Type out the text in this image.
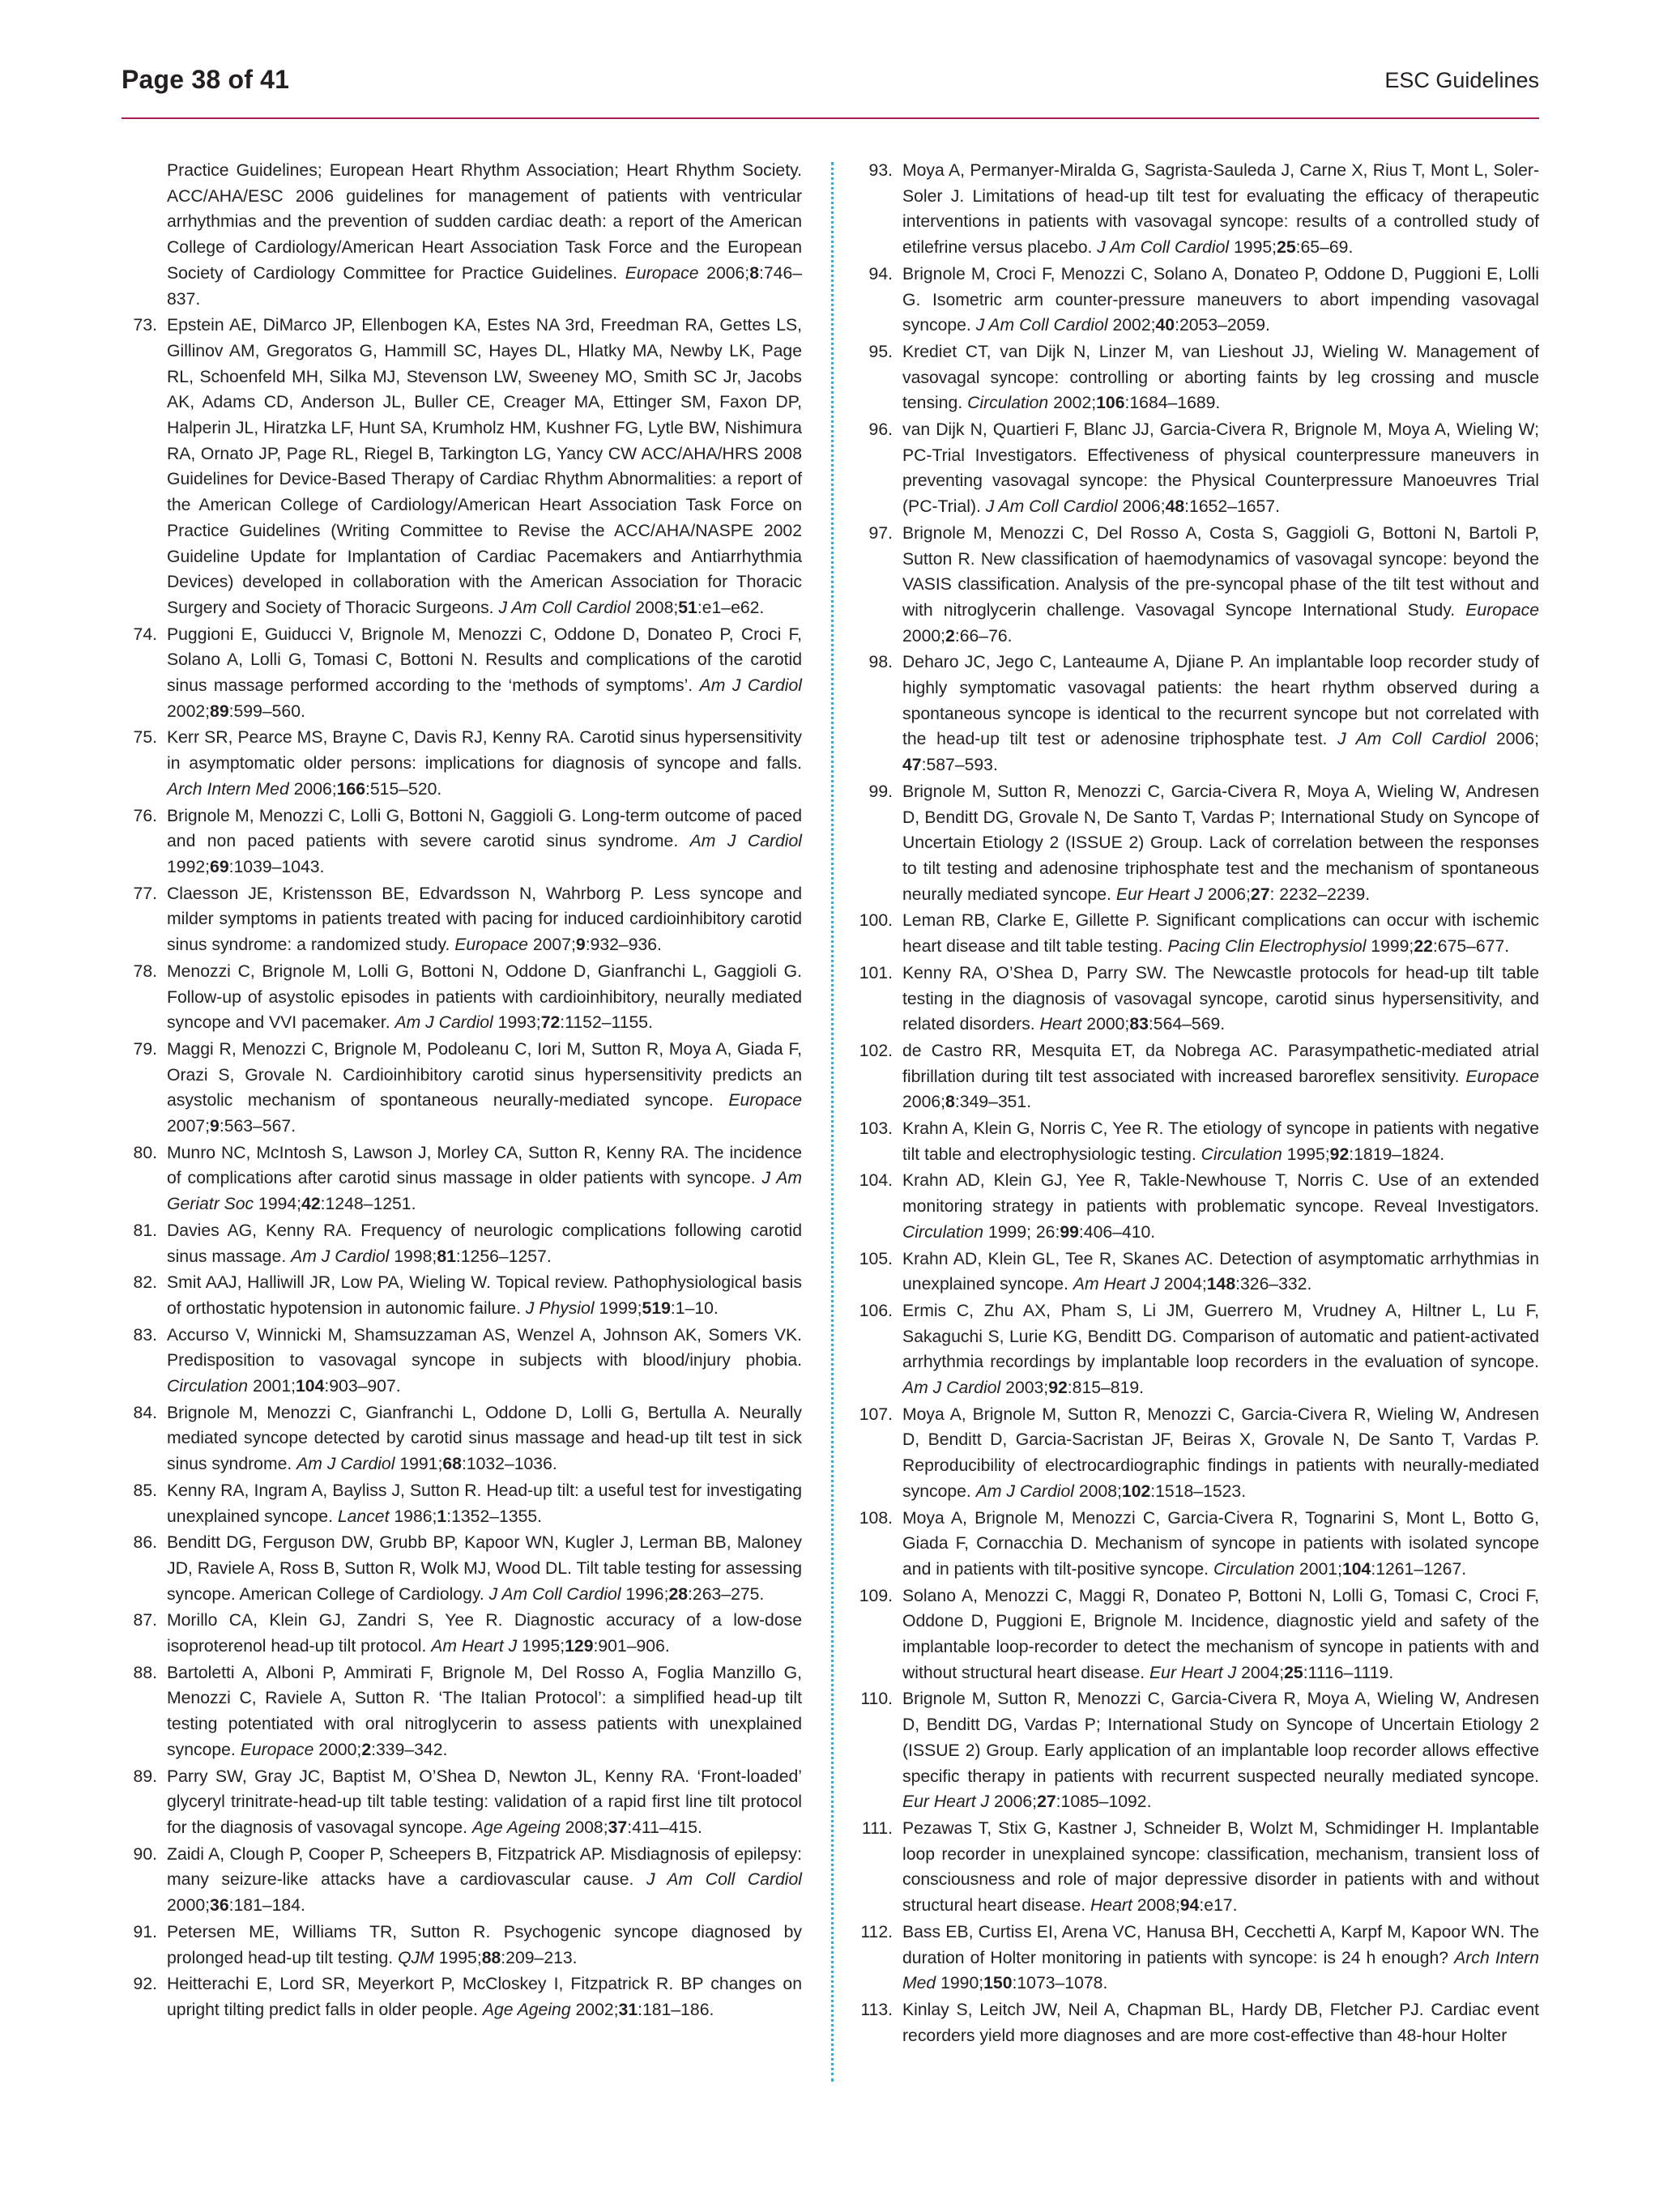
Page 38 of 41	ESC Guidelines

Practice Guidelines; European Heart Rhythm Association; Heart Rhythm Society. ACC/AHA/ESC 2006 guidelines for management of patients with ventricular arrhythmias and the prevention of sudden cardiac death: a report of the American College of Cardiology/American Heart Association Task Force and the European Society of Cardiology Committee for Practice Guidelines. Europace 2006;8:746–837.

73. Epstein AE, DiMarco JP, Ellenbogen KA, Estes NA 3rd, Freedman RA, Gettes LS, Gillinov AM, Gregoratos G, Hammill SC, Hayes DL, Hlatky MA, Newby LK, Page RL, Schoenfeld MH, Silka MJ, Stevenson LW, Sweeney MO, Smith SC Jr, Jacobs AK, Adams CD, Anderson JL, Buller CE, Creager MA, Ettinger SM, Faxon DP, Halperin JL, Hiratzka LF, Hunt SA, Krumholz HM, Kushner FG, Lytle BW, Nishimura RA, Ornato JP, Page RL, Riegel B, Tarkington LG, Yancy CW ACC/AHA/HRS 2008 Guidelines for Device-Based Therapy of Cardiac Rhythm Abnormalities: a report of the American College of Cardiology/American Heart Association Task Force on Practice Guidelines (Writing Committee to Revise the ACC/AHA/NASPE 2002 Guideline Update for Implantation of Cardiac Pacemakers and Antiarrhythmia Devices) developed in collaboration with the American Association for Thoracic Surgery and Society of Thoracic Surgeons. J Am Coll Cardiol 2008;51:e1–e62.

74. Puggioni E, Guiducci V, Brignole M, Menozzi C, Oddone D, Donateo P, Croci F, Solano A, Lolli G, Tomasi C, Bottoni N. Results and complications of the carotid sinus massage performed according to the ‘methods of symptoms’. Am J Cardiol 2002;89:599–560.

75. Kerr SR, Pearce MS, Brayne C, Davis RJ, Kenny RA. Carotid sinus hypersensitivity in asymptomatic older persons: implications for diagnosis of syncope and falls. Arch Intern Med 2006;166:515–520.

76. Brignole M, Menozzi C, Lolli G, Bottoni N, Gaggioli G. Long-term outcome of paced and non paced patients with severe carotid sinus syndrome. Am J Cardiol 1992;69:1039–1043.

77. Claesson JE, Kristensson BE, Edvardsson N, Wahrborg P. Less syncope and milder symptoms in patients treated with pacing for induced cardioinhibitory carotid sinus syndrome: a randomized study. Europace 2007;9:932–936.

78. Menozzi C, Brignole M, Lolli G, Bottoni N, Oddone D, Gianfranchi L, Gaggioli G. Follow-up of asystolic episodes in patients with cardioinhibitory, neurally mediated syncope and VVI pacemaker. Am J Cardiol 1993;72:1152–1155.

79. Maggi R, Menozzi C, Brignole M, Podoleanu C, Iori M, Sutton R, Moya A, Giada F, Orazi S, Grovale N. Cardioinhibitory carotid sinus hypersensitivity predicts an asystolic mechanism of spontaneous neurally-mediated syncope. Europace 2007;9:563–567.

80. Munro NC, McIntosh S, Lawson J, Morley CA, Sutton R, Kenny RA. The incidence of complications after carotid sinus massage in older patients with syncope. J Am Geriatr Soc 1994;42:1248–1251.

81. Davies AG, Kenny RA. Frequency of neurologic complications following carotid sinus massage. Am J Cardiol 1998;81:1256–1257.

82. Smit AAJ, Halliwill JR, Low PA, Wieling W. Topical review. Pathophysiological basis of orthostatic hypotension in autonomic failure. J Physiol 1999;519:1–10.

83. Accurso V, Winnicki M, Shamsuzzaman AS, Wenzel A, Johnson AK, Somers VK. Predisposition to vasovagal syncope in subjects with blood/injury phobia. Circulation 2001;104:903–907.

84. Brignole M, Menozzi C, Gianfranchi L, Oddone D, Lolli G, Bertulla A. Neurally mediated syncope detected by carotid sinus massage and head-up tilt test in sick sinus syndrome. Am J Cardiol 1991;68:1032–1036.

85. Kenny RA, Ingram A, Bayliss J, Sutton R. Head-up tilt: a useful test for investigating unexplained syncope. Lancet 1986;1:1352–1355.

86. Benditt DG, Ferguson DW, Grubb BP, Kapoor WN, Kugler J, Lerman BB, Maloney JD, Raviele A, Ross B, Sutton R, Wolk MJ, Wood DL. Tilt table testing for assessing syncope. American College of Cardiology. J Am Coll Cardiol 1996;28:263–275.

87. Morillo CA, Klein GJ, Zandri S, Yee R. Diagnostic accuracy of a low-dose isoproterenol head-up tilt protocol. Am Heart J 1995;129:901–906.

88. Bartoletti A, Alboni P, Ammirati F, Brignole M, Del Rosso A, Foglia Manzillo G, Menozzi C, Raviele A, Sutton R. ‘The Italian Protocol’: a simplified head-up tilt testing potentiated with oral nitroglycerin to assess patients with unexplained syncope. Europace 2000;2:339–342.

89. Parry SW, Gray JC, Baptist M, O’Shea D, Newton JL, Kenny RA. ‘Front-loaded’ glyceryl trinitrate-head-up tilt table testing: validation of a rapid first line tilt protocol for the diagnosis of vasovagal syncope. Age Ageing 2008;37:411–415.

90. Zaidi A, Clough P, Cooper P, Scheepers B, Fitzpatrick AP. Misdiagnosis of epilepsy: many seizure-like attacks have a cardiovascular cause. J Am Coll Cardiol 2000;36:181–184.

91. Petersen ME, Williams TR, Sutton R. Psychogenic syncope diagnosed by prolonged head-up tilt testing. QJM 1995;88:209–213.

92. Heitterachi E, Lord SR, Meyerkort P, McCloskey I, Fitzpatrick R. BP changes on upright tilting predict falls in older people. Age Ageing 2002;31:181–186.

93. Moya A, Permanyer-Miralda G, Sagrista-Sauleda J, Carne X, Rius T, Mont L, Soler-Soler J. Limitations of head-up tilt test for evaluating the efficacy of therapeutic interventions in patients with vasovagal syncope: results of a controlled study of etilefrine versus placebo. J Am Coll Cardiol 1995;25:65–69.

94. Brignole M, Croci F, Menozzi C, Solano A, Donateo P, Oddone D, Puggioni E, Lolli G. Isometric arm counter-pressure maneuvers to abort impending vasovagal syncope. J Am Coll Cardiol 2002;40:2053–2059.

95. Krediet CT, van Dijk N, Linzer M, van Lieshout JJ, Wieling W. Management of vasovagal syncope: controlling or aborting faints by leg crossing and muscle tensing. Circulation 2002;106:1684–1689.

96. van Dijk N, Quartieri F, Blanc JJ, Garcia-Civera R, Brignole M, Moya A, Wieling W; PC-Trial Investigators. Effectiveness of physical counterpressure maneuvers in preventing vasovagal syncope: the Physical Counterpressure Manoeuvres Trial (PC-Trial). J Am Coll Cardiol 2006;48:1652–1657.

97. Brignole M, Menozzi C, Del Rosso A, Costa S, Gaggioli G, Bottoni N, Bartoli P, Sutton R. New classification of haemodynamics of vasovagal syncope: beyond the VASIS classification. Analysis of the pre-syncopal phase of the tilt test without and with nitroglycerin challenge. Vasovagal Syncope International Study. Europace 2000;2:66–76.

98. Deharo JC, Jego C, Lanteaume A, Djiane P. An implantable loop recorder study of highly symptomatic vasovagal patients: the heart rhythm observed during a spontaneous syncope is identical to the recurrent syncope but not correlated with the head-up tilt test or adenosine triphosphate test. J Am Coll Cardiol 2006; 47:587–593.

99. Brignole M, Sutton R, Menozzi C, Garcia-Civera R, Moya A, Wieling W, Andresen D, Benditt DG, Grovale N, De Santo T, Vardas P; International Study on Syncope of Uncertain Etiology 2 (ISSUE 2) Group. Lack of correlation between the responses to tilt testing and adenosine triphosphate test and the mechanism of spontaneous neurally mediated syncope. Eur Heart J 2006;27: 2232–2239.

100. Leman RB, Clarke E, Gillette P. Significant complications can occur with ischemic heart disease and tilt table testing. Pacing Clin Electrophysiol 1999;22:675–677.

101. Kenny RA, O’Shea D, Parry SW. The Newcastle protocols for head-up tilt table testing in the diagnosis of vasovagal syncope, carotid sinus hypersensitivity, and related disorders. Heart 2000;83:564–569.

102. de Castro RR, Mesquita ET, da Nobrega AC. Parasympathetic-mediated atrial fibrillation during tilt test associated with increased baroreflex sensitivity. Europace 2006;8:349–351.

103. Krahn A, Klein G, Norris C, Yee R. The etiology of syncope in patients with negative tilt table and electrophysiologic testing. Circulation 1995;92:1819–1824.

104. Krahn AD, Klein GJ, Yee R, Takle-Newhouse T, Norris C. Use of an extended monitoring strategy in patients with problematic syncope. Reveal Investigators. Circulation 1999; 26:99:406–410.

105. Krahn AD, Klein GL, Tee R, Skanes AC. Detection of asymptomatic arrhythmias in unexplained syncope. Am Heart J 2004;148:326–332.

106. Ermis C, Zhu AX, Pham S, Li JM, Guerrero M, Vrudney A, Hiltner L, Lu F, Sakaguchi S, Lurie KG, Benditt DG. Comparison of automatic and patient-activated arrhythmia recordings by implantable loop recorders in the evaluation of syncope. Am J Cardiol 2003;92:815–819.

107. Moya A, Brignole M, Sutton R, Menozzi C, Garcia-Civera R, Wieling W, Andresen D, Benditt D, Garcia-Sacristan JF, Beiras X, Grovale N, De Santo T, Vardas P. Reproducibility of electrocardiographic findings in patients with neurally-mediated syncope. Am J Cardiol 2008;102:1518–1523.

108. Moya A, Brignole M, Menozzi C, Garcia-Civera R, Tognarini S, Mont L, Botto G, Giada F, Cornacchia D. Mechanism of syncope in patients with isolated syncope and in patients with tilt-positive syncope. Circulation 2001;104:1261–1267.

109. Solano A, Menozzi C, Maggi R, Donateo P, Bottoni N, Lolli G, Tomasi C, Croci F, Oddone D, Puggioni E, Brignole M. Incidence, diagnostic yield and safety of the implantable loop-recorder to detect the mechanism of syncope in patients with and without structural heart disease. Eur Heart J 2004;25:1116–1119.

110. Brignole M, Sutton R, Menozzi C, Garcia-Civera R, Moya A, Wieling W, Andresen D, Benditt DG, Vardas P; International Study on Syncope of Uncertain Etiology 2 (ISSUE 2) Group. Early application of an implantable loop recorder allows effective specific therapy in patients with recurrent suspected neurally mediated syncope. Eur Heart J 2006;27:1085–1092.

111. Pezawas T, Stix G, Kastner J, Schneider B, Wolzt M, Schmidinger H. Implantable loop recorder in unexplained syncope: classification, mechanism, transient loss of consciousness and role of major depressive disorder in patients with and without structural heart disease. Heart 2008;94:e17.

112. Bass EB, Curtiss EI, Arena VC, Hanusa BH, Cecchetti A, Karpf M, Kapoor WN. The duration of Holter monitoring in patients with syncope: is 24 h enough? Arch Intern Med 1990;150:1073–1078.

113. Kinlay S, Leitch JW, Neil A, Chapman BL, Hardy DB, Fletcher PJ. Cardiac event recorders yield more diagnoses and are more cost-effective than 48-hour Holter
